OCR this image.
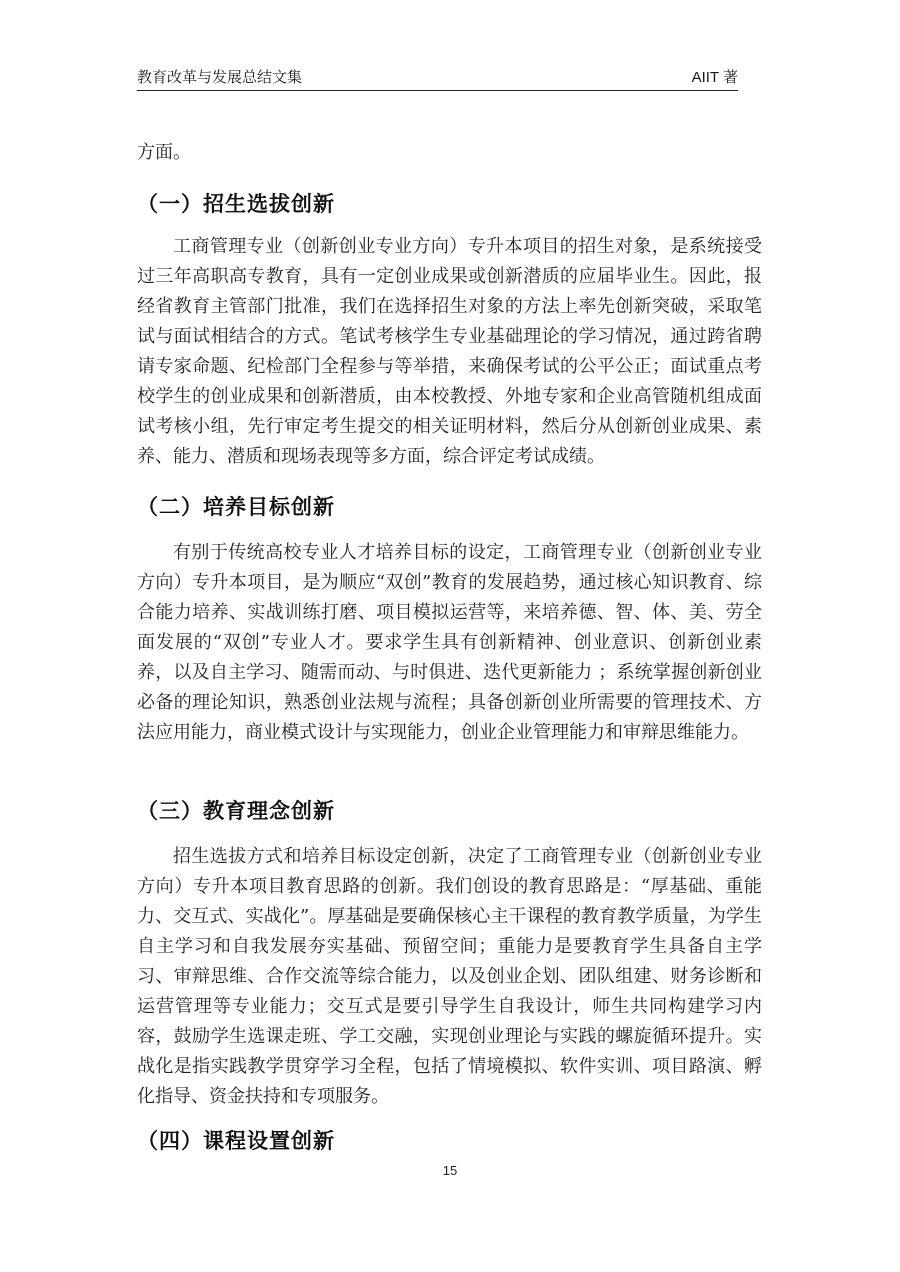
教育改革与发展总结文集	AIIT 著

方面。

（一）招生选拔创新

工商管理专业（创新创业专业方向）专升本项目的招生对象，是系统接受过三年高职高专教育，具有一定创业成果或创新潜质的应届毕业生。因此，报经省教育主管部门批准，我们在选择招生对象的方法上率先创新突破，采取笔试与面试相结合的方式。笔试考核学生专业基础理论的学习情况，通过跨省聘请专家命题、纪检部门全程参与等举措，来确保考试的公平公正；面试重点考校学生的创业成果和创新潜质，由本校教授、外地专家和企业高管随机组成面试考核小组，先行审定考生提交的相关证明材料，然后分从创新创业成果、素养、能力、潜质和现场表现等多方面，综合评定考试成绩。

（二）培养目标创新

有别于传统高校专业人才培养目标的设定，工商管理专业（创新创业专业方向）专升本项目，是为顺应“双创”教育的发展趋势，通过核心知识教育、综合能力培养、实战训练打磨、项目模拟运营等，来培养德、智、体、美、劳全面发展的“双创”专业人才。要求学生具有创新精神、创业意识、创新创业素养，以及自主学习、随需而动、与时俱进、迭代更新能力 ；系统掌握创新创业必备的理论知识，熟悉创业法规与流程；具备创新创业所需要的管理技术、方法应用能力，商业模式设计与实现能力，创业企业管理能力和审辩思维能力。

（三）教育理念创新

招生选拔方式和培养目标设定创新，决定了工商管理专业（创新创业专业方向）专升本项目教育思路的创新。我们创设的教育思路是：“厚基础、重能力、交互式、实战化”。厚基础是要确保核心主干课程的教育教学质量，为学生自主学习和自我发展夯实基础、预留空间；重能力是要教育学生具备自主学习、审辩思维、合作交流等综合能力，以及创业企划、团队组建、财务诊断和运营管理等专业能力；交互式是要引导学生自我设计，师生共同构建学习内容，鼓励学生选课走班、学工交融，实现创业理论与实践的螺旋循环提升。实战化是指实践教学贯穿学习全程，包括了情境模拟、软件实训、项目路演、孵化指导、资金扶持和专项服务。

（四）课程设置创新
15
